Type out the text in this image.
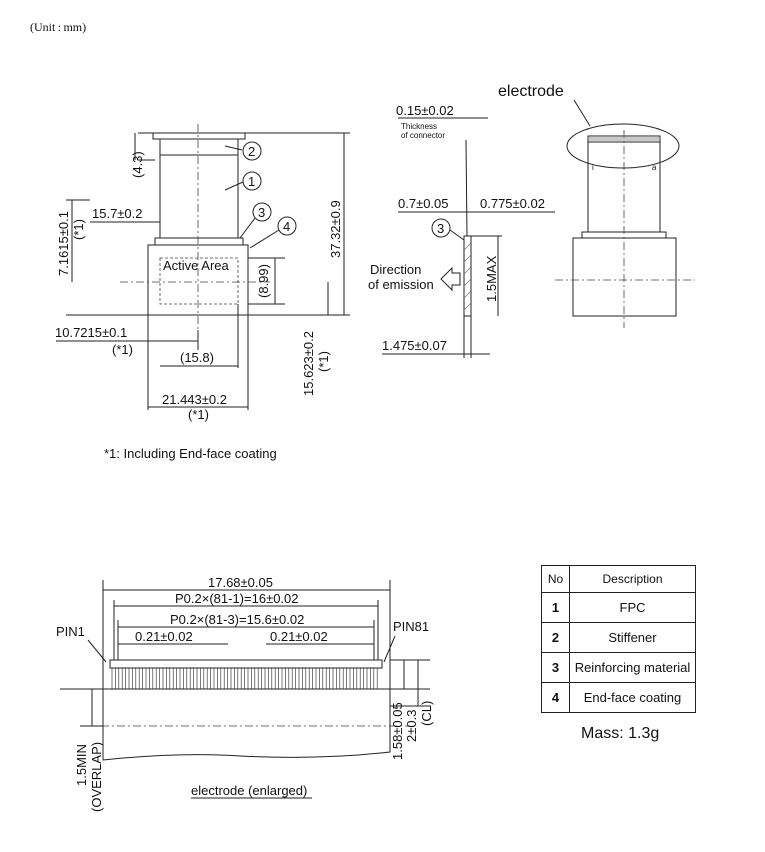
(Unit : mm)
(4.3)
15.7±0.2
7.1615±0.1 (*1)	37.32±0.9
Active Area (8.99)
10.7215±0.1
(*1)
(15.8)	15.623±0.2 (*1)
21.443±0.2
(*1)
2
1
3
4
0.15±0.02
Thickness
of connector
0.7±0.05 0.775±0.02
3
Direction
of emission	1.5MAX
1.475±0.07
electrode
i	a
17.68±0.05
P0.2×(81-1)=16±0.02
P0.2×(81-3)=15.6±0.02
0.21±0.02	0.21±0.02
PIN1	PIN81
1.5MIN (OVERLAP)
1.58±0.05 2±0.3 (CL)
electrode (enlarged)
*1: Including End-face coating
No	Description
1	FPC
2	Stiffener
3	Reinforcing material
4	End-face coating
Mass: 1.3g
